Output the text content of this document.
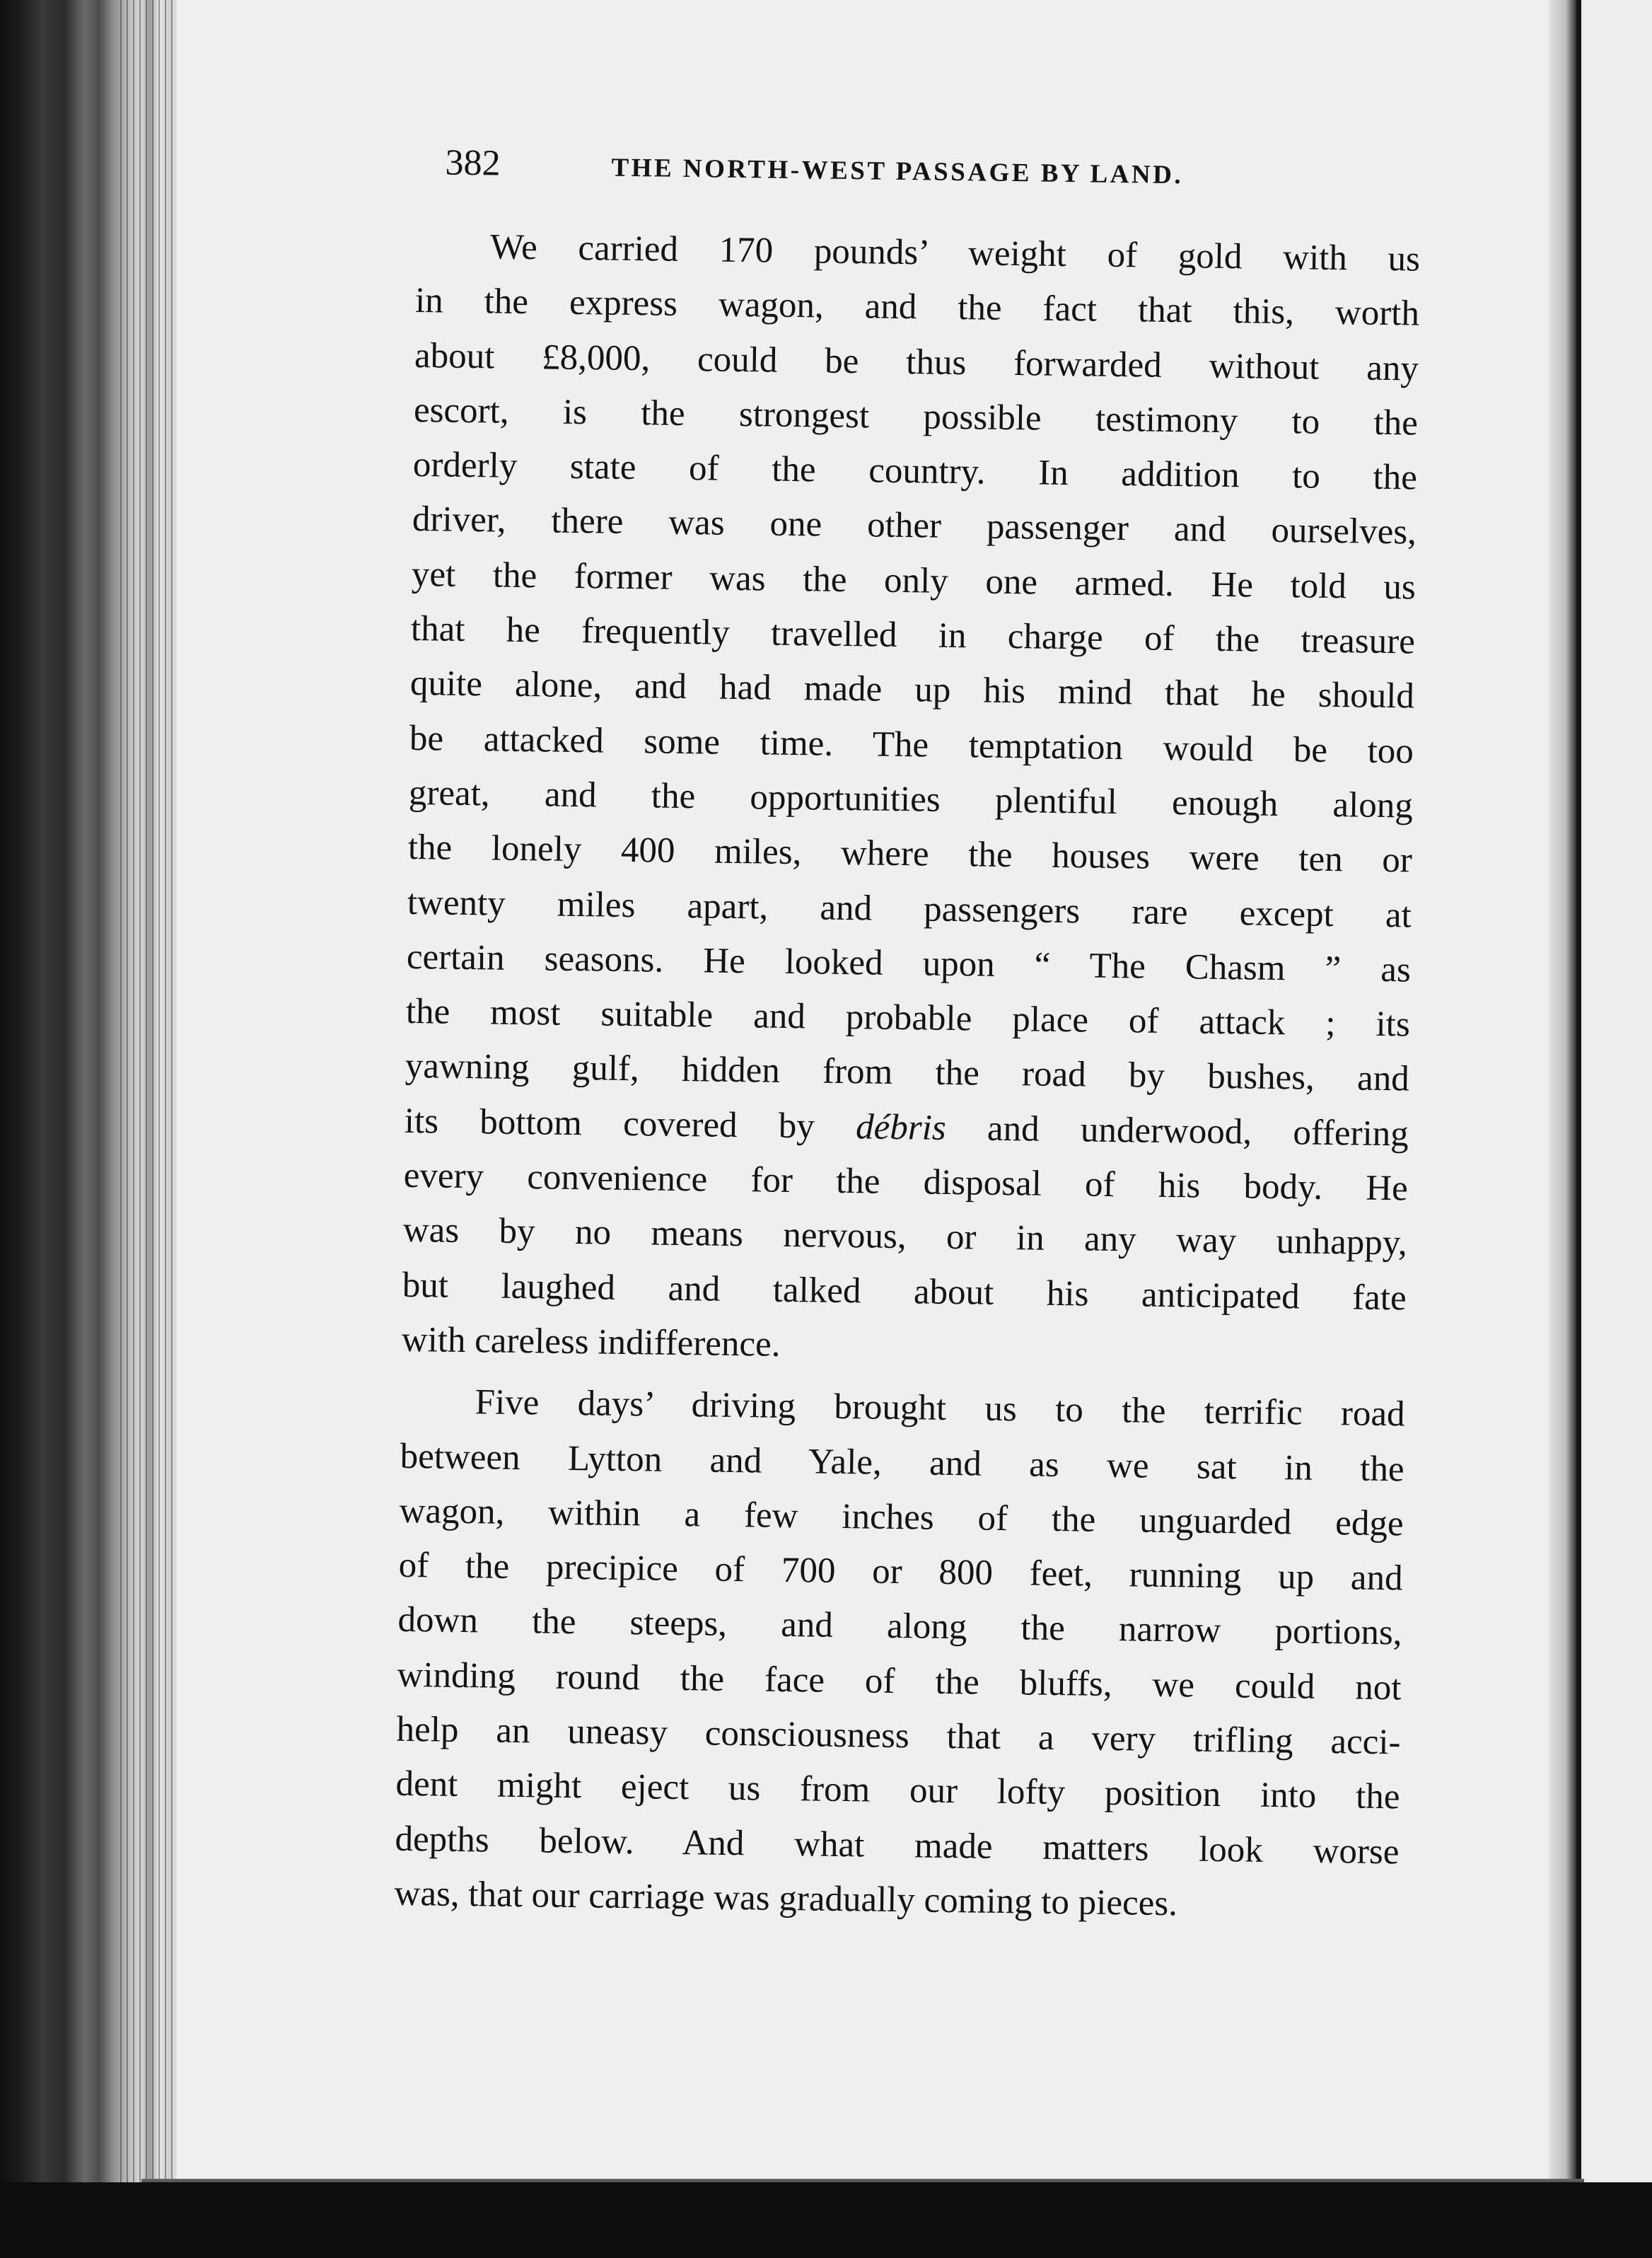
382	THE NORTH-WEST PASSAGE BY LAND.
We carried 170 pounds’ weight of gold with us
in the express wagon, and the fact that this, worth
about £8,000, could be thus forwarded without any
escort, is the strongest possible testimony to the
orderly state of the country. In addition to the
driver, there was one other passenger and ourselves,
yet the former was the only one armed. He told us
that he frequently travelled in charge of the treasure
quite alone, and had made up his mind that he should
be attacked some time. The temptation would be too
great, and the opportunities plentiful enough along
the lonely 400 miles, where the houses were ten or
twenty miles apart, and passengers rare except at
certain seasons. He looked upon “ The Chasm ” as
the most suitable and probable place of attack ; its
yawning gulf, hidden from the road by bushes, and
its bottom covered by débris and underwood, offering
every convenience for the disposal of his body. He
was by no means nervous, or in any way unhappy,
but laughed and talked about his anticipated fate
with careless indifference.
Five days’ driving brought us to the terrific road
between Lytton and Yale, and as we sat in the
wagon, within a few inches of the unguarded edge
of the precipice of 700 or 800 feet, running up and
down the steeps, and along the narrow portions,
winding round the face of the bluffs, we could not
help an uneasy consciousness that a very trifling acci-
dent might eject us from our lofty position into the
depths below. And what made matters look worse
was, that our carriage was gradually coming to pieces.
